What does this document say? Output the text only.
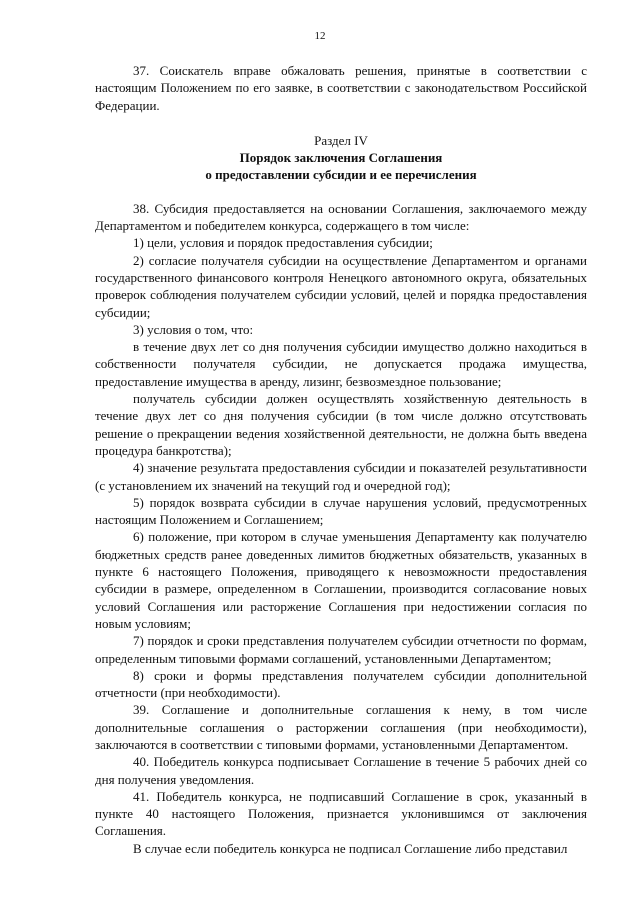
12

37. Соискатель вправе обжаловать решения, принятые в соответствии с настоящим Положением по его заявке, в соответствии с законодательством Российской Федерации.

Раздел IV

Порядок заключения Соглашения

о предоставлении субсидии и ее перечисления

38. Субсидия предоставляется на основании Соглашения, заключаемого между Департаментом и победителем конкурса, содержащего в том числе:

1) цели, условия и порядок предоставления субсидии;

2) согласие получателя субсидии на осуществление Департаментом и органами государственного финансового контроля Ненецкого автономного округа, обязательных проверок соблюдения получателем субсидии условий, целей и порядка предоставления субсидии;

3) условия о том, что:

в течение двух лет со дня получения субсидии имущество должно находиться в собственности получателя субсидии, не допускается продажа имущества, предоставление имущества в аренду, лизинг, безвозмездное пользование;

получатель субсидии должен осуществлять хозяйственную деятельность в течение двух лет со дня получения субсидии (в том числе должно отсутствовать решение о прекращении ведения хозяйственной деятельности, не должна быть введена процедура банкротства);

4) значение результата предоставления субсидии и показателей результативности (с установлением их значений на текущий год и очередной год);

5) порядок возврата субсидии в случае нарушения условий, предусмотренных настоящим Положением и Соглашением;

6) положение, при котором в случае уменьшения Департаменту как получателю бюджетных средств ранее доведенных лимитов бюджетных обязательств, указанных в пункте 6 настоящего Положения, приводящего к невозможности предоставления субсидии в размере, определенном в Соглашении, производится согласование новых условий Соглашения или расторжение Соглашения при недостижении согласия по новым условиям;

7) порядок и сроки представления получателем субсидии отчетности по формам, определенным типовыми формами соглашений, установленными Департаментом;

8) сроки и формы представления получателем субсидии дополнительной отчетности (при необходимости).

39. Соглашение и дополнительные соглашения к нему, в том числе дополнительные соглашения о расторжении соглашения (при необходимости), заключаются в соответствии с типовыми формами, установленными Департаментом.

40. Победитель конкурса подписывает Соглашение в течение 5 рабочих дней со дня получения уведомления.

41. Победитель конкурса, не подписавший Соглашение в срок, указанный в пункте 40 настоящего Положения, признается уклонившимся от заключения Соглашения.

В случае если победитель конкурса не подписал Соглашение либо представил
